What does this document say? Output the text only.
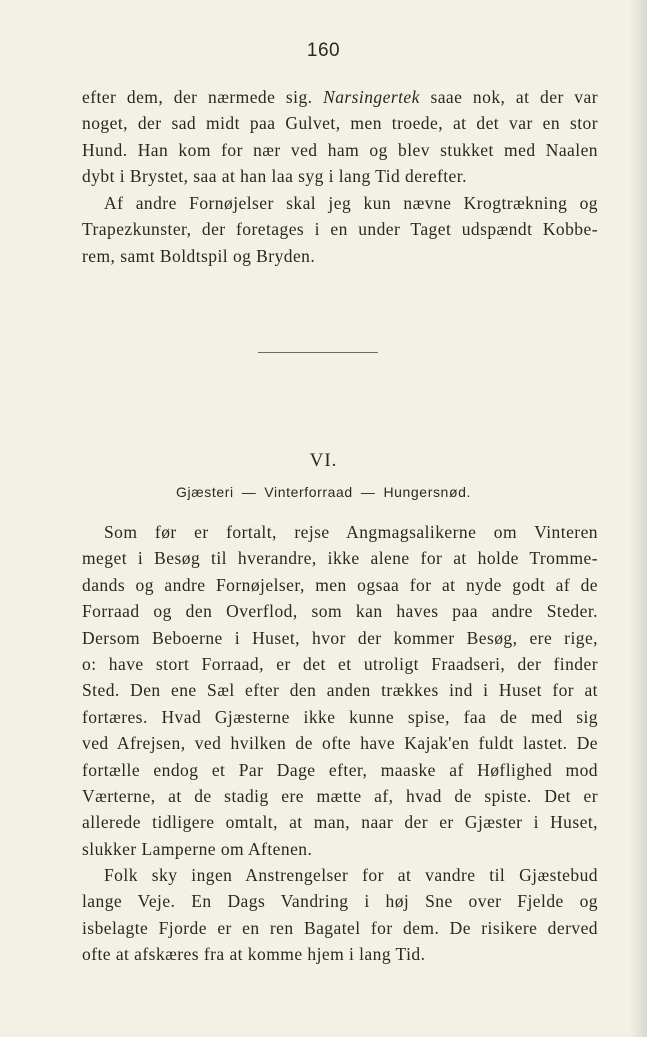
160
efter dem, der nærmede sig. Narsingertek saae nok, at der var
noget, der sad midt paa Gulvet, men troede, at det var en stor
Hund. Han kom for nær ved ham og blev stukket med Naalen
dybt i Brystet, saa at han laa syg i lang Tid derefter.
Af andre Fornøjelser skal jeg kun nævne Krogtrækning og
Trapezkunster, der foretages i en under Taget udspændt Kobbe-
rem, samt Boldtspil og Bryden.
VI.
Gjæsteri — Vinterforraad — Hungersnød.
Som før er fortalt, rejse Angmagsalikerne om Vinteren
meget i Besøg til hverandre, ikke alene for at holde Tromme-
dands og andre Fornøjelser, men ogsaa for at nyde godt af de
Forraad og den Overflod, som kan haves paa andre Steder.
Dersom Beboerne i Huset, hvor der kommer Besøg, ere rige,
o: have stort Forraad, er det et utroligt Fraadseri, der finder
Sted. Den ene Sæl efter den anden trækkes ind i Huset for at
fortæres. Hvad Gjæsterne ikke kunne spise, faa de med sig
ved Afrejsen, ved hvilken de ofte have Kajak'en fuldt lastet. De
fortælle endog et Par Dage efter, maaske af Høflighed mod
Værterne, at de stadig ere mætte af, hvad de spiste. Det er
allerede tidligere omtalt, at man, naar der er Gjæster i Huset,
slukker Lamperne om Aftenen.
Folk sky ingen Anstrengelser for at vandre til Gjæstebud
lange Veje. En Dags Vandring i høj Sne over Fjelde og
isbelagte Fjorde er en ren Bagatel for dem. De risikere derved
ofte at afskæres fra at komme hjem i lang Tid.
